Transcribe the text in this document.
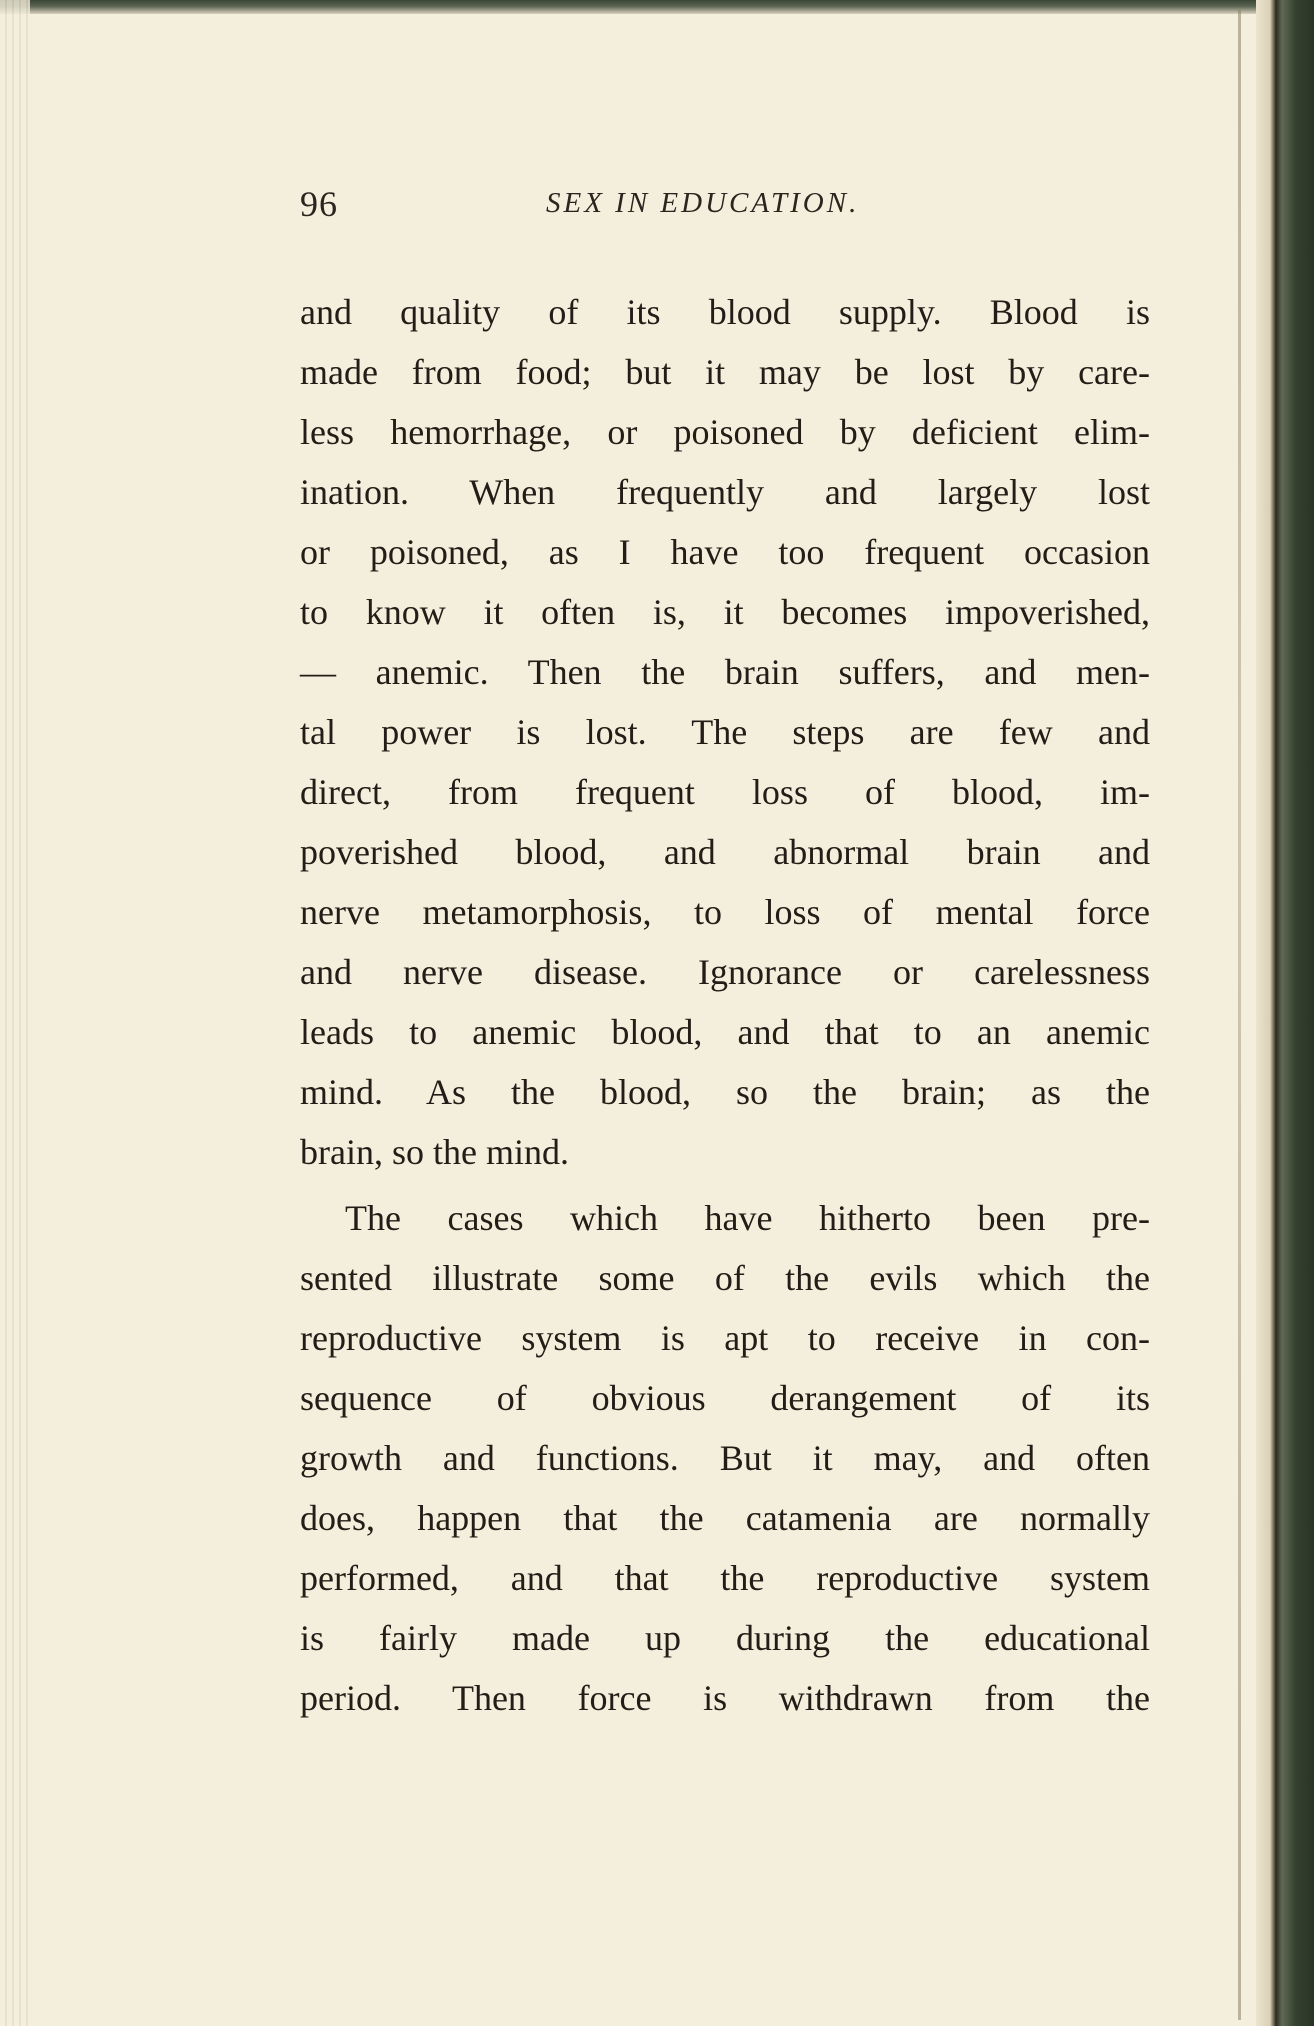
96	SEX IN EDUCATION.
and quality of its blood supply. Blood is
made from food; but it may be lost by care-
less hemorrhage, or poisoned by deficient elim-
ination. When frequently and largely lost
or poisoned, as I have too frequent occasion
to know it often is, it becomes impoverished,
— anemic. Then the brain suffers, and men-
tal power is lost. The steps are few and
direct, from frequent loss of blood, im-
poverished blood, and abnormal brain and
nerve metamorphosis, to loss of mental force
and nerve disease. Ignorance or carelessness
leads to anemic blood, and that to an anemic
mind. As the blood, so the brain; as the
brain, so the mind.
The cases which have hitherto been pre-
sented illustrate some of the evils which the
reproductive system is apt to receive in con-
sequence of obvious derangement of its
growth and functions. But it may, and often
does, happen that the catamenia are normally
performed, and that the reproductive system
is fairly made up during the educational
period. Then force is withdrawn from the
